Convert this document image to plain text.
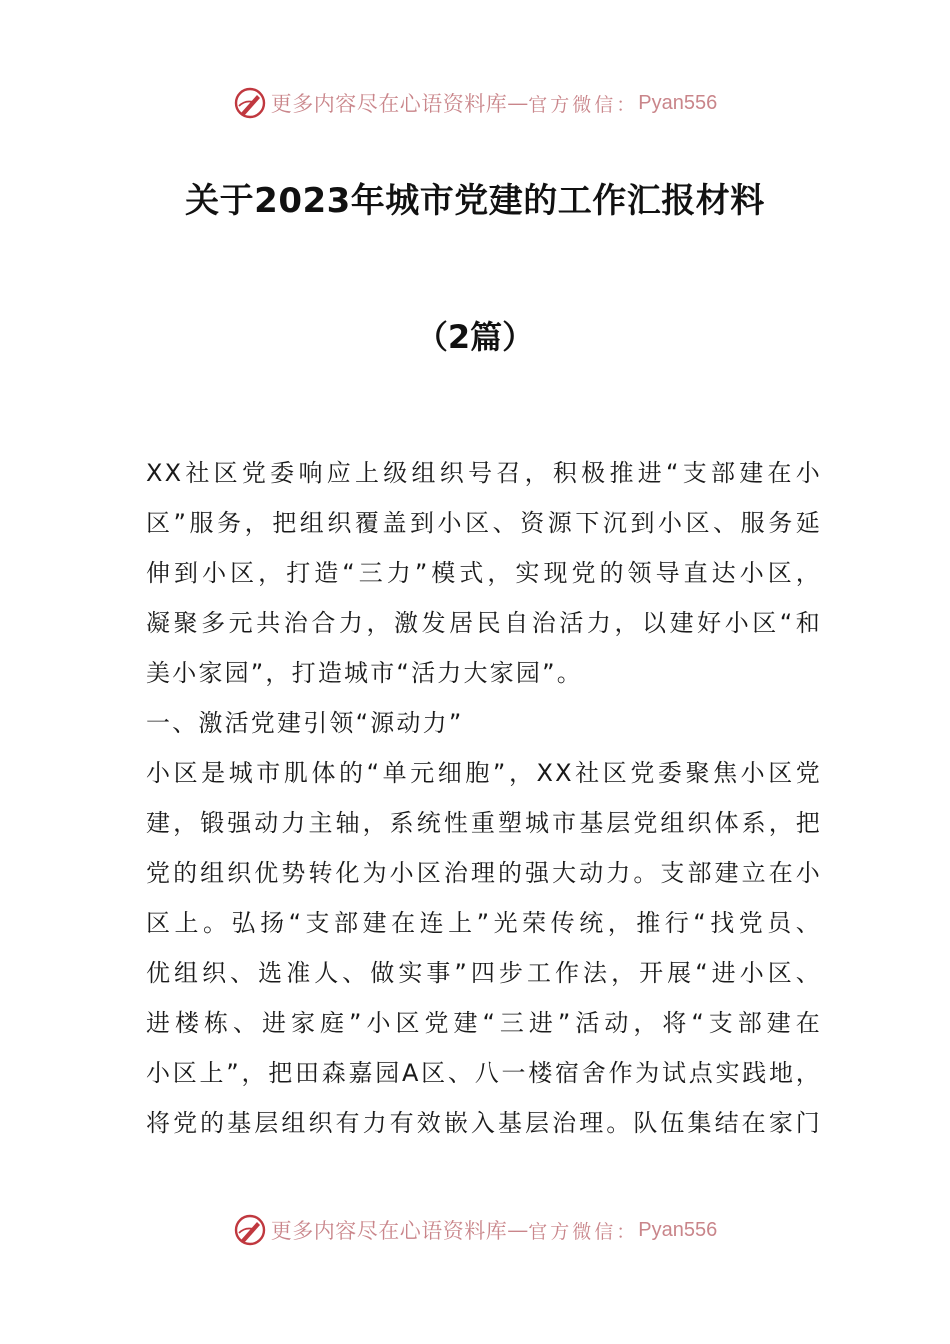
更多内容尽在心语资料库 — 官方微信： Pyan556
关于2023年城市党建的工作汇报材料
（2篇）
XX社区党委响应上级组织号召，积极推进“支部建在小
区”服务，把组织覆盖到小区、资源下沉到小区、服务延
伸到小区，打造“三力”模式，实现党的领导直达小区，
凝聚多元共治合力，激发居民自治活力，以建好小区“和
美小家园”，打造城市“活力大家园”。
一、激活党建引领“源动力”
小区是城市肌体的“单元细胞”，XX社区党委聚焦小区党
建，锻强动力主轴，系统性重塑城市基层党组织体系，把
党的组织优势转化为小区治理的强大动力。支部建立在小
区上。弘扬“支部建在连上”光荣传统，推行“找党员、
优组织、选准人、做实事”四步工作法，开展“进小区、
进楼栋、进家庭”小区党建“三进”活动，将“支部建在
小区上”，把田森嘉园A区、八一楼宿舍作为试点实践地，
将党的基层组织有力有效嵌入基层治理。队伍集结在家门
更多内容尽在心语资料库 — 官方微信： Pyan556
